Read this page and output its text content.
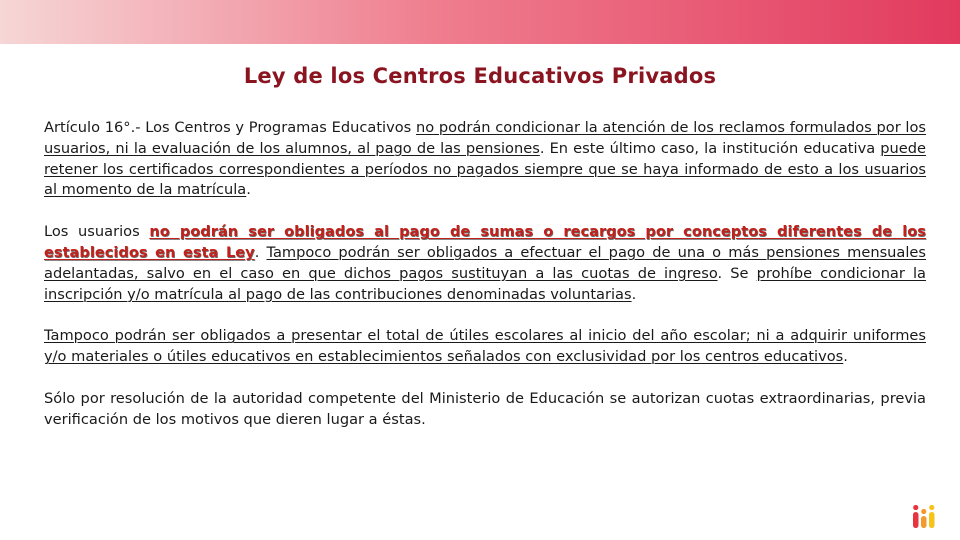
Ley de los Centros Educativos Privados

Artículo 16°.- Los Centros y Programas Educativos no podrán condicionar la atención de los reclamos formulados por los usuarios, ni la evaluación de los alumnos, al pago de las pensiones. En este último caso, la institución educativa puede retener los certificados correspondientes a períodos no pagados siempre que se haya informado de esto a los usuarios al momento de la matrícula.

Los usuarios no podrán ser obligados al pago de sumas o recargos por conceptos diferentes de los establecidos en esta Ley. Tampoco podrán ser obligados a efectuar el pago de una o más pensiones mensuales adelantadas, salvo en el caso en que dichos pagos sustituyan a las cuotas de ingreso. Se prohíbe condicionar la inscripción y/o matrícula al pago de las contribuciones denominadas voluntarias.

Tampoco podrán ser obligados a presentar el total de útiles escolares al inicio del año escolar; ni a adquirir uniformes y/o materiales o útiles educativos en establecimientos señalados con exclusividad por los centros educativos.

Sólo por resolución de la autoridad competente del Ministerio de Educación se autorizan cuotas extraordinarias, previa verificación de los motivos que dieren lugar a éstas.
